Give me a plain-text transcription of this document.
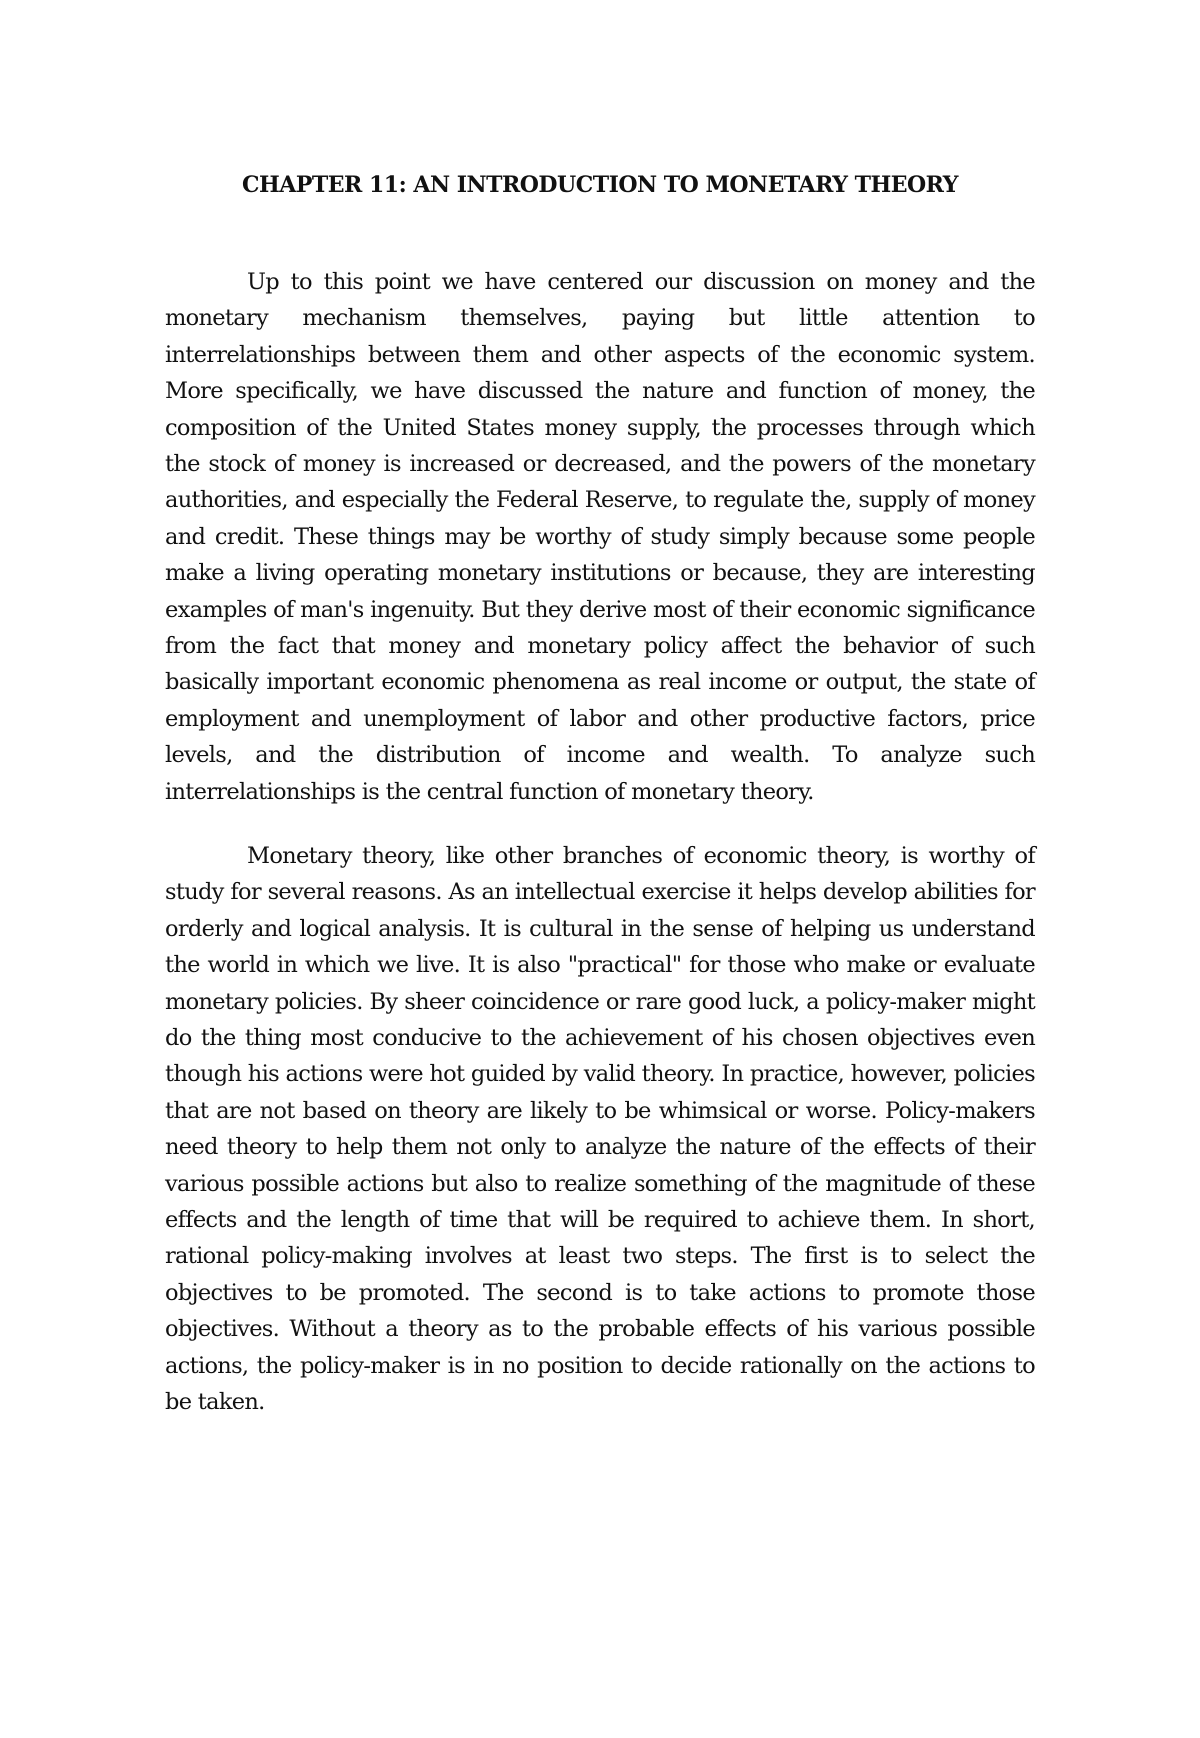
CHAPTER 11: AN INTRODUCTION TO MONETARY THEORY

Up to this point we have centered our discussion on money and the monetary mechanism themselves, paying but little attention to interrelationships between them and other aspects of the economic system. More specifically, we have discussed the nature and function of money, the composition of the United States money supply, the processes through which the stock of money is increased or decreased, and the powers of the monetary authorities, and especially the Federal Reserve, to regulate the, supply of money and credit. These things may be worthy of study simply because some people make a living operating monetary institutions or because, they are interesting examples of man's ingenuity. But they derive most of their economic significance from the fact that money and monetary policy affect the behavior of such basically important economic phenomena as real income or output, the state of employment and unemployment of labor and other productive factors, price levels, and the distribution of income and wealth. To analyze such interrelationships is the central function of monetary theory.

Monetary theory, like other branches of economic theory, is worthy of study for several reasons. As an intellectual exercise it helps develop abilities for orderly and logical analysis. It is cultural in the sense of helping us understand the world in which we live. It is also "practical" for those who make or evaluate monetary policies. By sheer coincidence or rare good luck, a policy-maker might do the thing most conducive to the achievement of his chosen objectives even though his actions were hot guided by valid theory. In practice, however, policies that are not based on theory are likely to be whimsical or worse. Policy-makers need theory to help them not only to analyze the nature of the effects of their various possible actions but also to realize something of the magnitude of these effects and the length of time that will be required to achieve them. In short, rational policy-making involves at least two steps. The first is to select the objectives to be promoted. The second is to take actions to promote those objectives. Without a theory as to the probable effects of his various possible actions, the policy-maker is in no position to decide rationally on the actions to be taken.
